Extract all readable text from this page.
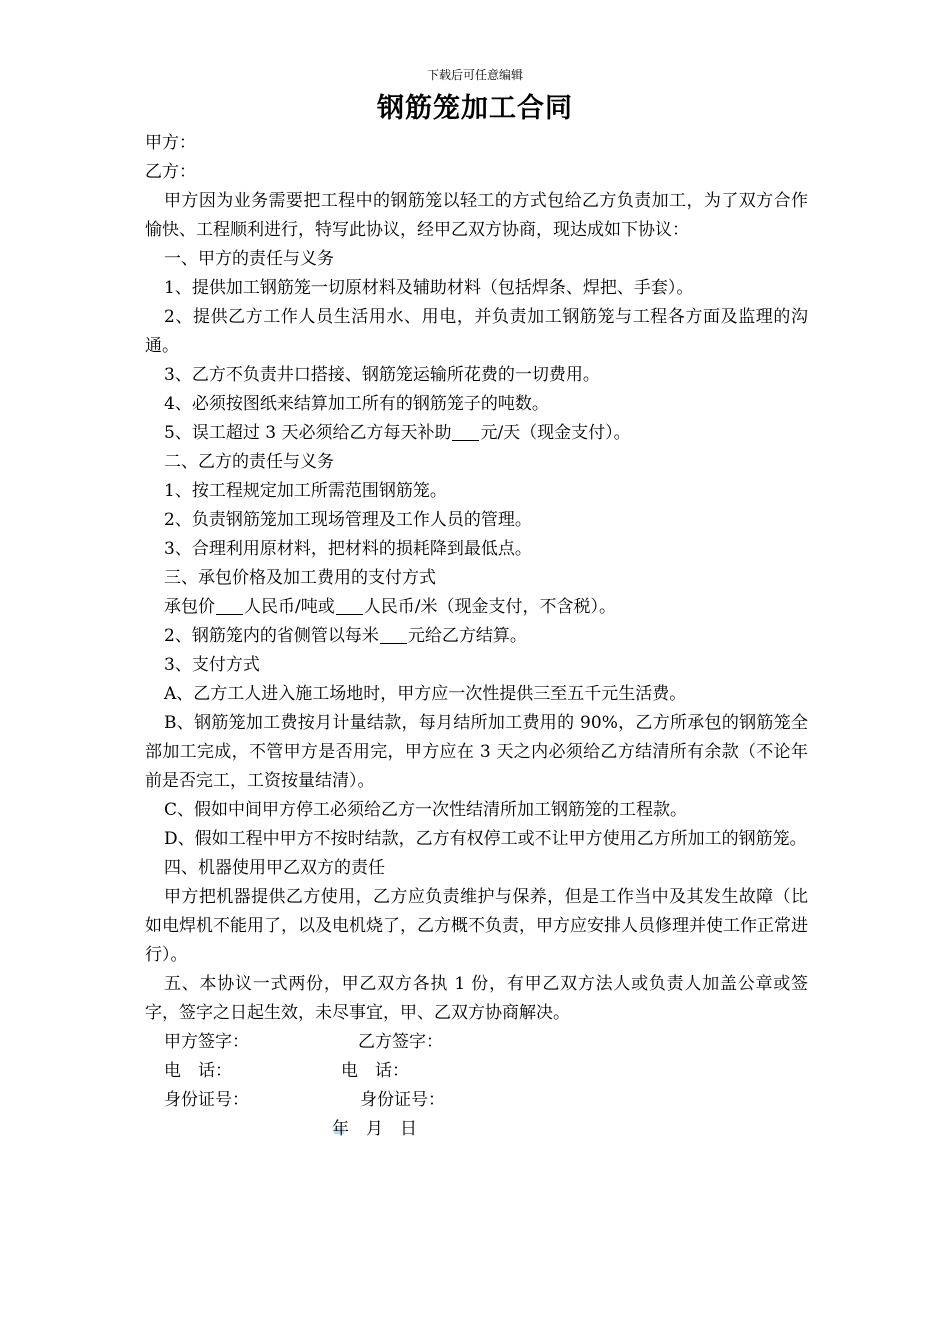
下载后可任意编辑
钢筋笼加工合同

甲方：

乙方：

甲方因为业务需要把工程中的钢筋笼以轻工的方式包给乙方负责加工，为了双方合作愉快、工程顺利进行，特写此协议，经甲乙双方协商，现达成如下协议：

一、甲方的责任与义务

1、提供加工钢筋笼一切原材料及辅助材料（包括焊条、焊把、手套）。

2、提供乙方工作人员生活用水、用电，并负责加工钢筋笼与工程各方面及监理的沟通。

3、乙方不负责井口搭接、钢筋笼运输所花费的一切费用。

4、必须按图纸来结算加工所有的钢筋笼子的吨数。

5、误工超过 3 天必须给乙方每天补助 元/天（现金支付）。

二、乙方的责任与义务

1、按工程规定加工所需范围钢筋笼。

2、负责钢筋笼加工现场管理及工作人员的管理。

3、合理利用原材料，把材料的损耗降到最低点。

三、承包价格及加工费用的支付方式

承包价 人民币/吨或 人民币/米（现金支付，不含税）。

2、钢筋笼内的省侧管以每米 元给乙方结算。

3、支付方式

A、乙方工人进入施工场地时，甲方应一次性提供三至五千元生活费。

B、钢筋笼加工费按月计量结款，每月结所加工费用的 90%，乙方所承包的钢筋笼全部加工完成，不管甲方是否用完，甲方应在 3 天之内必须给乙方结清所有余款（不论年前是否完工，工资按量结清）。

C、假如中间甲方停工必须给乙方一次性结清所加工钢筋笼的工程款。

D、假如工程中甲方不按时结款，乙方有权停工或不让甲方使用乙方所加工的钢筋笼。

四、机器使用甲乙双方的责任

甲方把机器提供乙方使用，乙方应负责维护与保养，但是工作当中及其发生故障（比如电焊机不能用了，以及电机烧了，乙方概不负责，甲方应安排人员修理并使工作正常进行）。

五、本协议一式两份，甲乙双方各执 1 份，有甲乙双方法人或负责人加盖公章或签字，签字之日起生效，未尽事宜，甲、乙双方协商解决。

甲方签字：	乙方签字：
电　话：	电　话：
身份证号：	身份证号：
年　月　日
